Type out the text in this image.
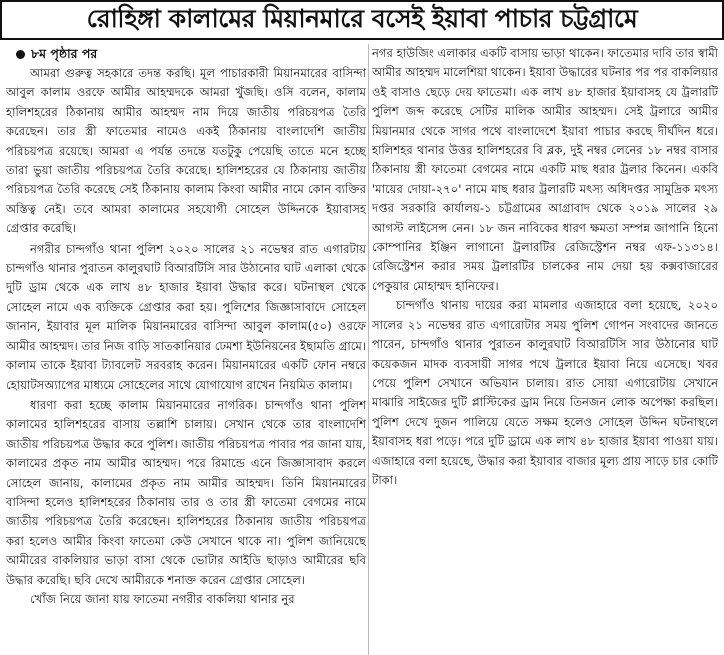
রোহিঙ্গা কালামের মিয়ানমারে বসেই ইয়াবা পাচার চট্টগ্রামে
৮ম পৃষ্ঠার পর

আমরা গুরুত্ব সহকারে তদন্ত করছি। মূল পাচারকারী মিয়ানমারের বাসিন্দা আবুল কালাম ওরফে আমীর আহম্মদকে আমরা খুঁজছি। ওসি বলেন, কালাম হালিশহরের ঠিকানায় আমীর আহম্মদ নাম দিয়ে জাতীয় পরিচয়পত্র তৈরি করেছেন। তার স্ত্রী ফাতেমার নামেও একই ঠিকানায় বাংলাদেশি জাতীয় পরিচয়পত্র রয়েছে। আমরা এ পর্যন্ত তদন্তে যতটুকু পেয়েছি তাতে মনে হচ্ছে তারা ভুয়া জাতীয় পরিচয়পত্র তৈরি করেছে। হালিশহরের যে ঠিকানায় জাতীয় পরিচয়পত্র তৈরি করেছে সেই ঠিকানায় কালাম কিংবা আমীর নামে কোন ব্যক্তির অস্তিত্ব নেই। তবে আমরা কালামের সহযোগী সোহেল উদ্দিনকে ইয়াবাসহ গ্রেপ্তার করেছি।

নগরীর চান্দগাঁও থানা পুলিশ ২০২০ সালের ২১ নভেম্বর রাত এগারটায় চান্দগাঁও থানার পুরাতন কালুরঘাট বিআরটিসি সার উঠানোর ঘাট এলাকা থেকে দুটি ড্রাম থেকে এক লাখ ৪৮ হাজার ইয়াবা উদ্ধার করে। ঘটনাস্থল থেকে সোহেল নামে এক ব্যক্তিকে গ্রেপ্তার করা হয়। পুলিশের জিজ্ঞাসাবাদে সোহেল জানান, ইয়াবার মূল মালিক মিয়ানমারের বাসিন্দা আবুল কালাম(৫০) ওরফে আমীর আহম্মদ। তার নিজ বাড়ি সাতকানিয়ার ঢেমশা ইউনিয়নের ইছামতি গ্রামে। কালাম তাকে ইয়াবা ট্যাবলেট সরবরাহ করেন। মিয়ানমারের একটি ফোন নম্বরে হোয়াটসঅ্যাপের মাধ্যমে সোহেলের সাথে যোগাযোগ রাখেন নিয়মিত কালাম।

ধারণা করা হচ্ছে কালাম মিয়ানমারের নাগরিক। চান্দগাঁও থানা পুলিশ কালামের হালিশহরের বাসায় তল্লাশি চালায়। সেখান থেকে তার বাংলাদেশি জাতীয় পরিচয়পত্র উদ্ধার করে পুলিশ। জাতীয় পরিচয়পত্র পাবার পর জানা যায়, কালামের প্রকৃত নাম আমীর আহম্মদ। পরে রিমান্ডে এনে জিজ্ঞাসাবাদ করলে সোহেল জানায়, কালামের প্রকৃত নাম আমীর আহম্মদ। তিনি মিয়ানমারের বাসিন্দা হলেও হালিশহরের ঠিকানায় তার ও তার স্ত্রী ফাতেমা বেগমের নামে জাতীয় পরিচয়পত্র তৈরি করেছেন। হালিশহরের ঠিকানায় জাতীয় পরিচয়পত্র করা হলেও আমীর কিংবা ফাতেমা কেউ সেখানে থাকে না। পুলিশ জানিয়েছে আমীরের বাকলিয়ার ভাড়া বাসা থেকে ভোটার আইডি ছাড়াও আমীরের ছবি উদ্ধার করেছি। ছবি দেখে আমীরকে শনাক্ত করেন গ্রেপ্তার সোহেল।

খোঁজ নিয়ে জানা যায় ফাতেমা নগরীর বাকলিয়া থানার নুর

নগর হাউজিং এলাকার একটি বাসায় ভাড়া থাকেন। ফাতেমার দাবি তার স্বামী আমীর আহম্মদ মালেশিয়া থাকেন। ইয়াবা উদ্ধারের ঘটনার পর পর বাকলিয়ার ওই বাসাও ছেড়ে দেয় ফাতেমা। এক লাখ ৪৮ হাজার ইয়াবাসহ যে ট্রলারটি পুলিশ জব্দ করেছে সেটির মালিক আমীর আহম্মদ। সেই ট্রলারে আমীর মিয়ানমার থেকে সাগর পথে বাংলাদেশে ইয়াবা পাচার করছে দীর্ঘদিন ধরে। হালিশহর থানার উত্তর হালিশহরের বি ব্লক, দুই নম্বর লেনের ১৮ নম্বর বাসার ঠিকানায় স্ত্রী ফাতেমা বেগমের নামে একটি মাছ ধরার ট্রলার কিনেন। একবি 'মায়ের দোয়া-২৭০' নামে মাছ ধরার ট্রলারটি মৎস্য অধিদপ্তর সামুদ্রিক মৎস্য দপ্তর সরকারি কার্যালয়-১ চট্টগ্রামের আগ্রাবাদ থেকে ২০১৯ সালের ২৯ আগস্ট লাইসেন্স নেন। ১৮ জন নাবিকের ধারণ ক্ষমতা সম্পন্ন জাপানি হিনো কোম্পানির ইঞ্জিন লাগানো ট্রলারটির রেজিস্ট্রেশন নম্বর এফ-১১৩১৪। রেজিস্ট্রেশন করার সময় ট্রলারটির চালকের নাম দেয়া হয় কক্সবাজারের পেকুয়ার মোহাম্মদ হানিফের।

চান্দগাঁও থানায় দায়ের করা মামলার এজাহারে বলা হয়েছে, ২০২০ সালের ২১ নভেম্বর রাত এগারোটার সময় পুলিশ গোপন সংবাদের জানতে পারেন, চান্দগাঁও থানার পুরাতন কালুরঘাট বিআরটিসি সার উঠানোর ঘাট কয়েকজন মাদক ব্যবসায়ী সাগর পথে ট্রলারে ইয়াবা নিয়ে এসেছে। খবর পেয়ে পুলিশ সেখানে অভিযান চালায়। রাত সোয়া এগারোটায় সেখানে মাঝারি সাইজের দুটি প্লাস্টিকের ড্রাম নিয়ে তিনজন লোক অপেক্ষা করছিল। পুলিশ দেখে দুজন পালিয়ে যেতে সক্ষম হলেও সোহেল উদ্দিন ঘটনাস্থলে ইয়াবাসহ ধরা পড়ে। পরে দুটি ড্রামে এক লাখ ৪৮ হাজার ইয়াবা পাওয়া যায়। এজাহারে বলা হয়েছে, উদ্ধার করা ইয়াবার বাজার মূল্য প্রায় সাড়ে চার কোটি টাকা।
